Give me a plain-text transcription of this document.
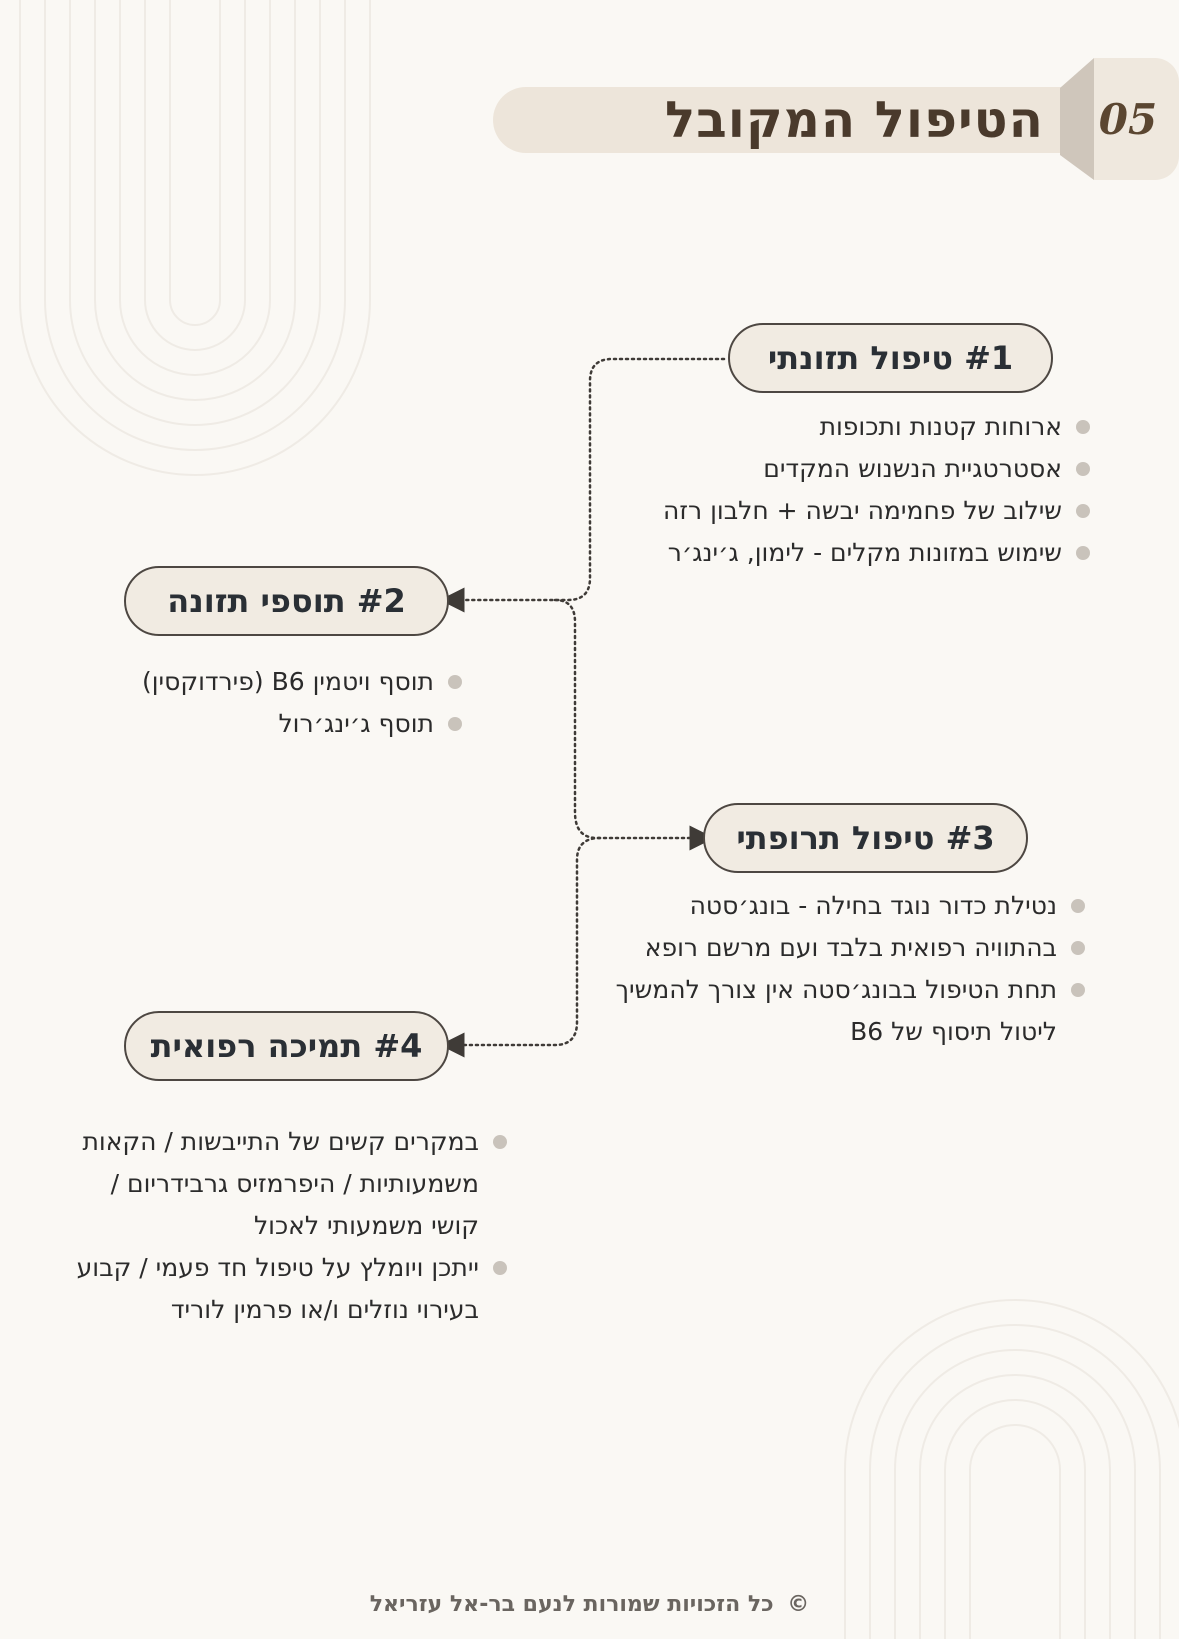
הטיפול המקובל 05
#1 טיפול תזונתי
ארוחות קטנות ותכופות
אסטרטגיית הנשנוש המקדים
שילוב של פחמימה יבשה + חלבון רזה
שימוש במזונות מקלים - לימון, ג׳ינג׳ר
#2 תוספי תזונה
תוסף ויטמין B6 (פירדוקסין)
תוסף ג׳ינג׳רול
#3 טיפול תרופתי
נטילת כדור נוגד בחילה - בונג׳סטה
בהתוויה רפואית בלבד ועם מרשם רופא
תחת הטיפול בבונג׳סטה אין צורך להמשיך ליטול תיסוף של B6
#4 תמיכה רפואית
במקרים קשים של התייבשות / הקאות משמעותיות / היפרמזיס גרבידריום / קושי משמעותי לאכול
ייתכן ויומלץ על טיפול חד פעמי / קבוע בעירוי נוזלים ו/או פרמין לוריד
© כל הזכויות שמורות לנעם בר-אל עזריאל
